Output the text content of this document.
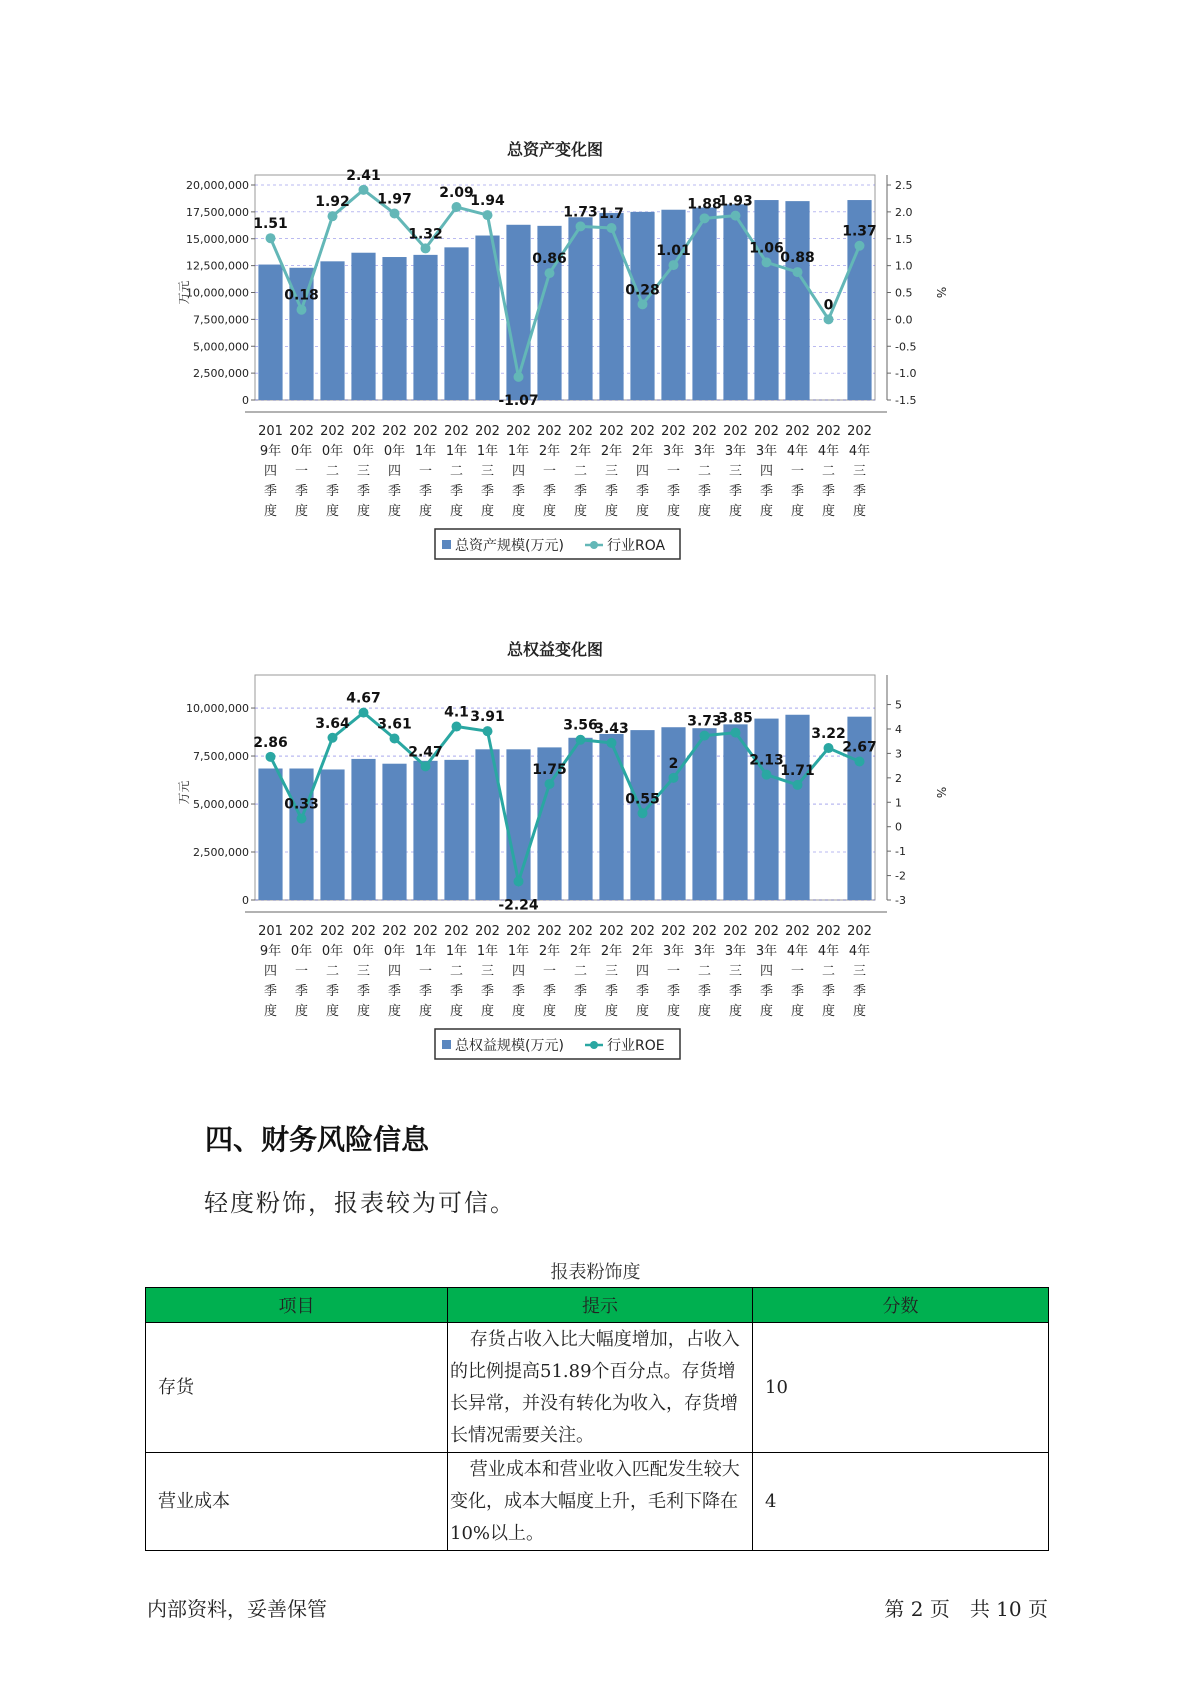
总资产变化图
0
2,500,000
5,000,000
7,500,000
10,000,000
12,500,000
15,000,000
17,500,000
20,000,000
-1.5
-1.0
-0.5
0.0
0.5
1.0
1.5
2.0
2.5
万元	%
1.51
0.18
1.92
2.41
1.97
1.32
2.09
1.94
-1.07
0.86
1.73 1.7
0.28
1.01
1.88
1.93
1.06
0.88
0
1.37
201
9年
四
季
度
202
0年
一
季
度
202
0年
二
季
度
202
0年
三
季
度
202
0年
四
季
度
202
1年
一
季
度
202
1年
二
季
度
202
1年
三
季
度
202
1年
四
季
度
202
2年
一
季
度
202
2年
二
季
度
202
2年
三
季
度
202
2年
四
季
度
202
3年
一
季
度
202
3年
二
季
度
202
3年
三
季
度
202
3年
四
季
度
202
4年
一
季
度
202
4年
二
季
度
202
4年
三
季
度
总资产规模(万元)	行业ROA
总权益变化图
0
2,500,000
5,000,000
7,500,000
10,000,000
-3
-2
-1
0
1
2
3
4
5
万元	%
2.86
0.33
3.64
4.67
3.61
2.47
4.1 3.91
-2.24
1.75
3.56
3.43
0.55
2
3.73
3.85
2.13
1.71
3.22
2.67
201
9年
四
季
度
202
0年
一
季
度
202
0年
二
季
度
202
0年
三
季
度
202
0年
四
季
度
202
1年
一
季
度
202
1年
二
季
度
202
1年
三
季
度
202
1年
四
季
度
202
2年
一
季
度
202
2年
二
季
度
202
2年
三
季
度
202
2年
四
季
度
202
3年
一
季
度
202
3年
二
季
度
202
3年
三
季
度
202
3年
四
季
度
202
4年
一
季
度
202
4年
二
季
度
202
4年
三
季
度
总权益规模(万元)	行业ROE
四、财务风险信息

轻度粉饰，报表较为可信。

报表粉饰度
项目	提示	分数
存货	存货占收入比大幅度增加，占收入的比例提高51.89个百分点。存货增长异常，并没有转化为收入，存货增长情况需要关注。	10
营业成本	营业成本和营业收入匹配发生较大变化，成本大幅度上升，毛利下降在10%以上。	4
内部资料，妥善保管	第 2 页　共 10 页
